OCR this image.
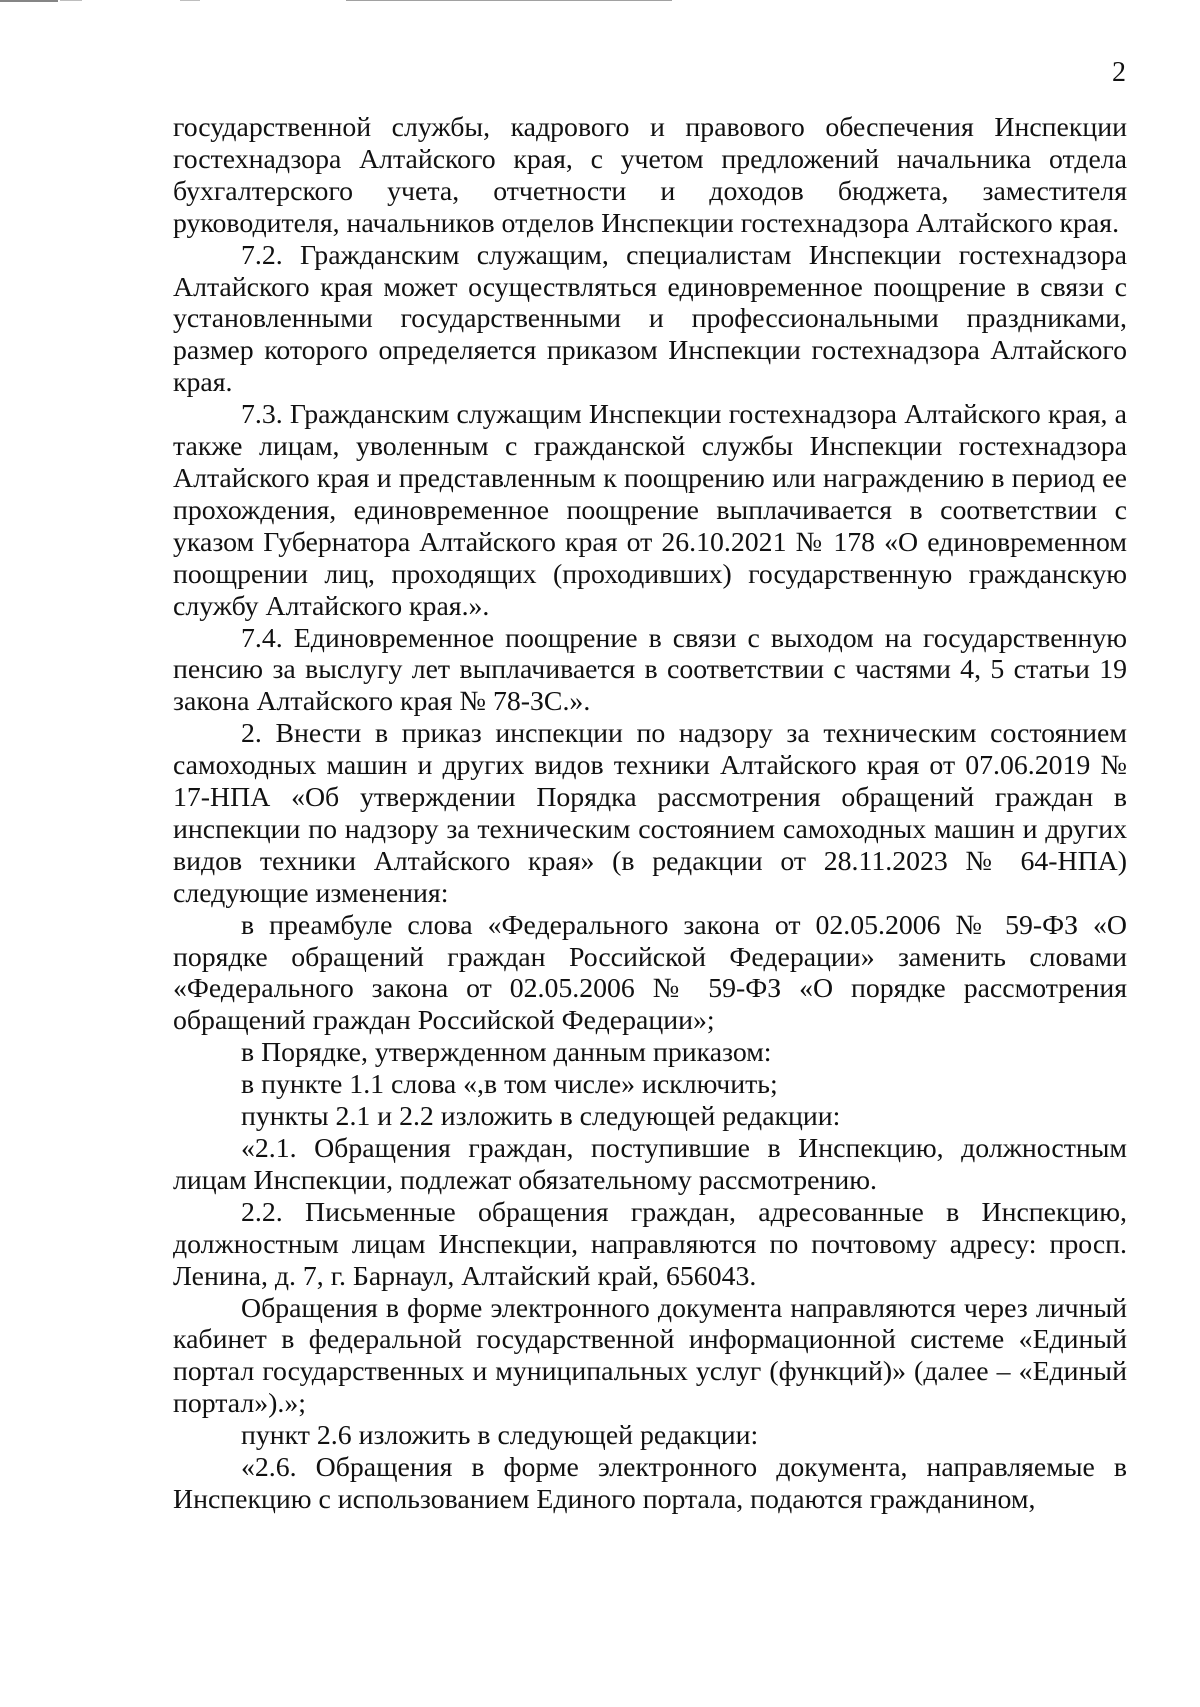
2

государственной службы, кадрового и правового обеспечения Инспекции гостехнадзора Алтайского края, с учетом предложений начальника отдела бухгалтерского учета, отчетности и доходов бюджета, заместителя руководителя, начальников отделов Инспекции гостехнадзора Алтайского края.

7.2. Гражданским служащим, специалистам Инспекции гостехнадзора Алтайского края может осуществляться единовременное поощрение в связи с установленными государственными и профессиональными праздниками, размер которого определяется приказом Инспекции гостехнадзора Алтайского края.

7.3. Гражданским служащим Инспекции гостехнадзора Алтайского края, а также лицам, уволенным с гражданской службы Инспекции гостехнадзора Алтайского края и представленным к поощрению или награждению в период ее прохождения, единовременное поощрение выплачивается в соответствии с указом Губернатора Алтайского края от 26.10.2021 № 178 «О единовременном поощрении лиц, проходящих (проходивших) государственную гражданскую службу Алтайского края.».

7.4. Единовременное поощрение в связи с выходом на государственную пенсию за выслугу лет выплачивается в соответствии с частями 4, 5 статьи 19 закона Алтайского края № 78-ЗС.».

2. Внести в приказ инспекции по надзору за техническим состоянием самоходных машин и других видов техники Алтайского края от 07.06.2019 № 17-НПА «Об утверждении Порядка рассмотрения обращений граждан в инспекции по надзору за техническим состоянием самоходных машин и других видов техники Алтайского края» (в редакции от 28.11.2023 № 64-НПА) следующие изменения:

в преамбуле слова «Федерального закона от 02.05.2006 № 59-ФЗ «О порядке обращений граждан Российской Федерации» заменить словами «Федерального закона от 02.05.2006 № 59-ФЗ «О порядке рассмотрения обращений граждан Российской Федерации»;

в Порядке, утвержденном данным приказом:

в пункте 1.1 слова «,в том числе» исключить;

пункты 2.1 и 2.2 изложить в следующей редакции:

«2.1. Обращения граждан, поступившие в Инспекцию, должностным лицам Инспекции, подлежат обязательному рассмотрению.

2.2. Письменные обращения граждан, адресованные в Инспекцию, должностным лицам Инспекции, направляются по почтовому адресу: просп. Ленина, д. 7, г. Барнаул, Алтайский край, 656043.

Обращения в форме электронного документа направляются через личный кабинет в федеральной государственной информационной системе «Единый портал государственных и муниципальных услуг (функций)» (далее – «Единый портал»).»;

пункт 2.6 изложить в следующей редакции:

«2.6. Обращения в форме электронного документа, направляемые в Инспекцию с использованием Единого портала, подаются гражданином,
